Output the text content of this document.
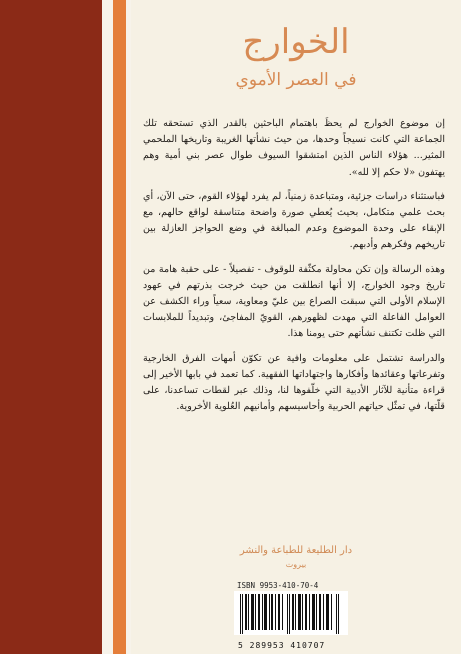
الخوارج
في العصر الأموي

إن موضوع الخوارج لم يحظَ باهتمام الباحثين بالقدر الذي تستحقه تلك الجماعة التي كانت نسيجاً وحدها، من حيث نشأتها الغريبة وتاريخها الملحمي المثير... هؤلاء الناس الذين امتشقوا السيوف طوال عصر بني أمية وهم يهتفون «لا حكم إلا لله».

فباستثناء دراسات جزئية، ومتباعدة زمنياً، لم يفرد لهؤلاء القوم، حتى الآن، أي بحث علمي متكامل، بحيث يُعطي صورة واضحة متناسقة لواقع حالهم، مع الإبقاء على وحدة الموضوع وعدم المبالغة في وضع الحواجز العازلة بين تاريخهم وفكرهم وأدبهم.

وهذه الرسالة وإن تكن محاولة مكثّفة للوقوف - تفصيلاً - على حقبة هامة من تاريخ وجود الخوارج، إلا أنها انطلقت من حيث خرجت بذرتهم في عهود الإسلام الأولى التي سبقت الصراع بين عليّ ومعاوية، سعياً وراء الكشف عن العوامل الفاعلة التي مهدت لظهورهم، القويّ المفاجئ، وتبديداً للملابسات التي ظلت تكتنف نشأتهم حتى يومنا هذا.

والدراسة تشتمل على معلومات وافية عن تكوّن أمهات الفرق الخارجية وتفرعاتها وعقائدها وأفكارها واجتهاداتها الفقهية. كما تعمد في بابها الأخير إلى قراءة متأنية للآثار الأدبية التي خلّفوها لنا، وذلك عبر لقطات تساعدنا، على قلّتها، في تمثّل حياتهم الحربية وأحاسيسهم وأمانيهم العُلوية الأخروية.

دار الطليعة للطباعة والنشر
بيروت
ISBN 9953-410-70-4
5 289953 410707
